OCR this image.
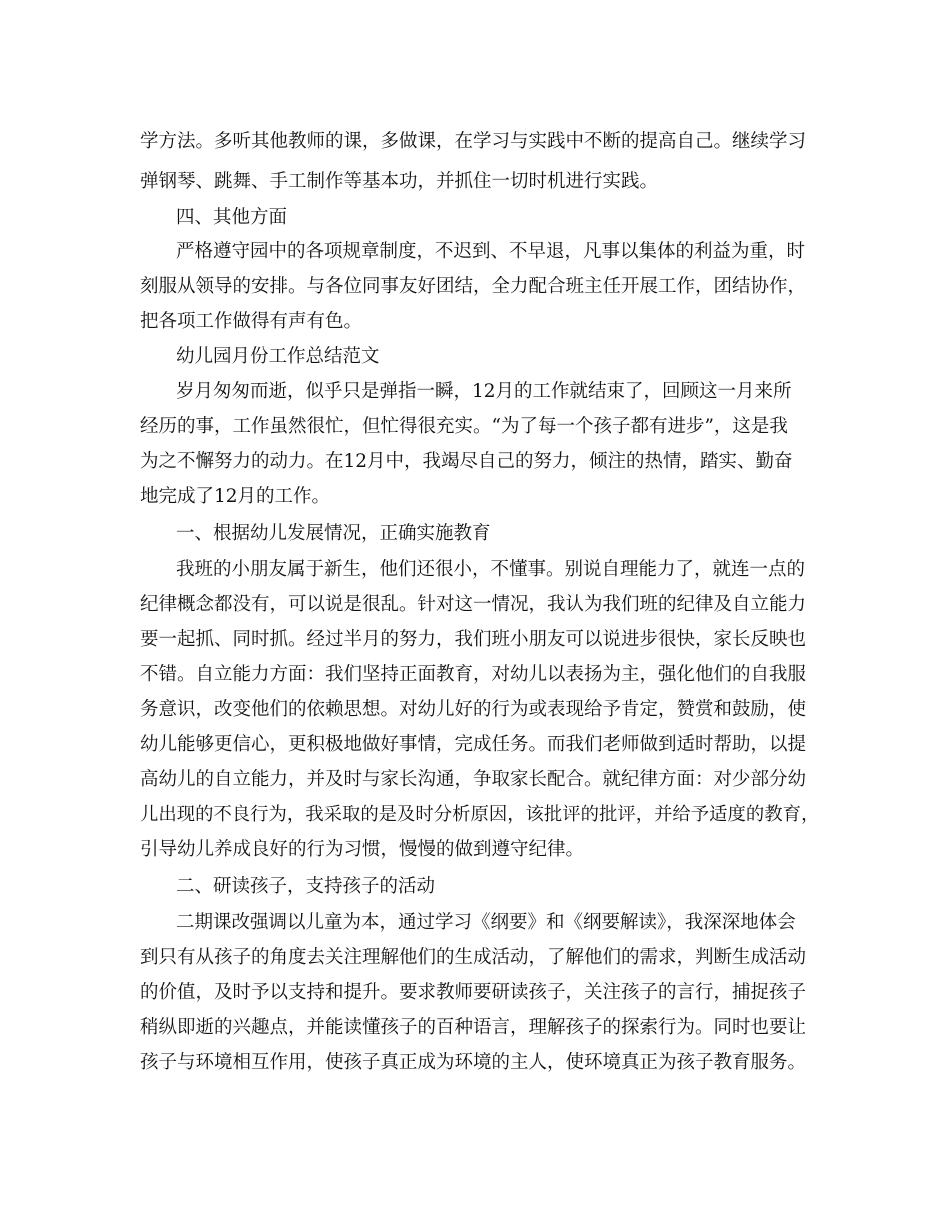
学方法。多听其他教师的课，多做课，在学习与实践中不断的提高自己。继续学习

弹钢琴、跳舞、手工制作等基本功，并抓住一切时机进行实践。

四、其他方面

严格遵守园中的各项规章制度，不迟到、不早退，凡事以集体的利益为重，时

刻服从领导的安排。与各位同事友好团结，全力配合班主任开展工作，团结协作，

把各项工作做得有声有色。

幼儿园月份工作总结范文

岁月匆匆而逝，似乎只是弹指一瞬，12月的工作就结束了，回顾这一月来所

经历的事，工作虽然很忙，但忙得很充实。“为了每一个孩子都有进步”，这是我

为之不懈努力的动力。在12月中，我竭尽自己的努力，倾注的热情，踏实、勤奋

地完成了12月的工作。

一、根据幼儿发展情况，正确实施教育

我班的小朋友属于新生，他们还很小，不懂事。别说自理能力了，就连一点的

纪律概念都没有，可以说是很乱。针对这一情况，我认为我们班的纪律及自立能力

要一起抓、同时抓。经过半月的努力，我们班小朋友可以说进步很快，家长反映也

不错。自立能力方面：我们坚持正面教育，对幼儿以表扬为主，强化他们的自我服

务意识，改变他们的依赖思想。对幼儿好的行为或表现给予肯定，赞赏和鼓励，使

幼儿能够更信心，更积极地做好事情，完成任务。而我们老师做到适时帮助，以提

高幼儿的自立能力，并及时与家长沟通，争取家长配合。就纪律方面：对少部分幼

儿出现的不良行为，我采取的是及时分析原因，该批评的批评，并给予适度的教育，

引导幼儿养成良好的行为习惯，慢慢的做到遵守纪律。

二、研读孩子，支持孩子的活动

二期课改强调以儿童为本，通过学习《纲要》和《纲要解读》，我深深地体会

到只有从孩子的角度去关注理解他们的生成活动，了解他们的需求，判断生成活动

的价值，及时予以支持和提升。要求教师要研读孩子，关注孩子的言行，捕捉孩子

稍纵即逝的兴趣点，并能读懂孩子的百种语言，理解孩子的探索行为。同时也要让

孩子与环境相互作用，使孩子真正成为环境的主人，使环境真正为孩子教育服务。
